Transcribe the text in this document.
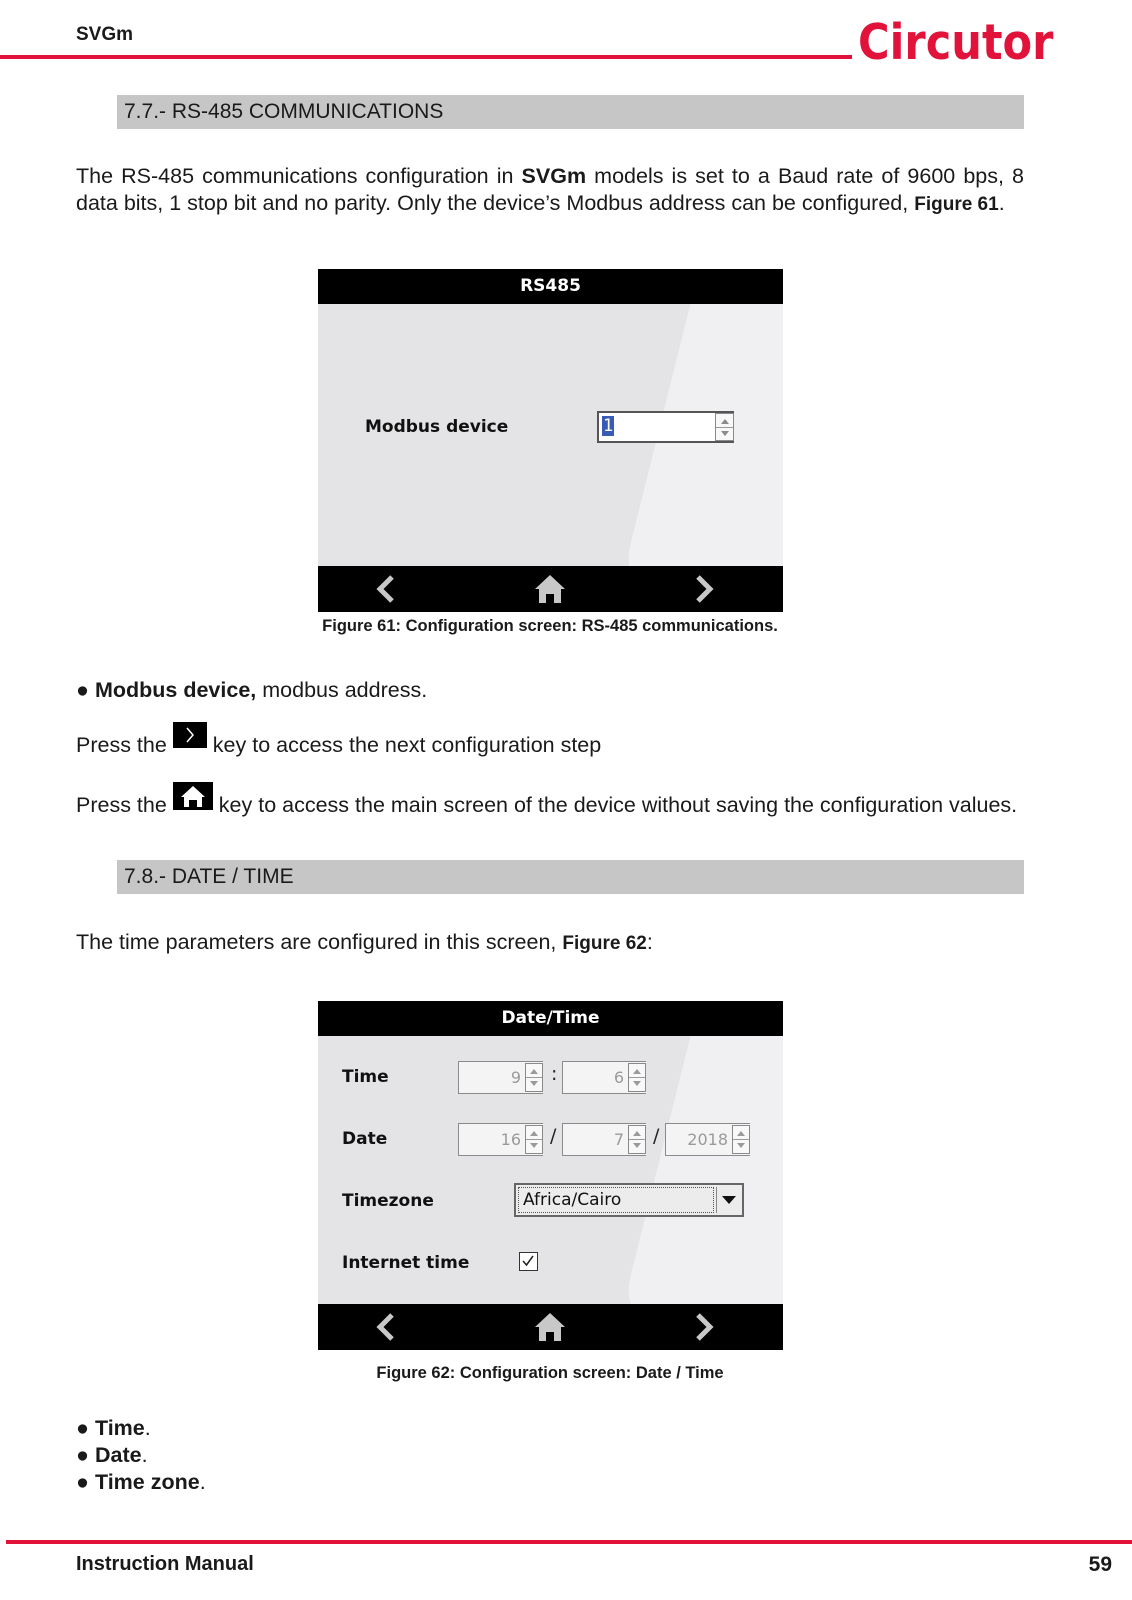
SVGm	Circutor
7.7.- RS-485 COMMUNICATIONS
The RS-485 communications configuration in SVGm models is set to a Baud rate of 9600 bps, 8 data bits, 1 stop bit and no parity. Only the device’s Modbus address can be configured, Figure 61.
RS485
Modbus device	1
Figure 61: Configuration screen: RS-485 communications.
● Modbus device, modbus address.
Press the key to access the next configuration step
Press the key to access the main screen of the device without saving the configuration values.
7.8.- DATE / TIME
The time parameters are configured in this screen, Figure 62:
Date/Time
Time	9	:	6
Date	16	/	7	/	2018
Timezone	Africa/Cairo
Internet time
Figure 62: Configuration screen: Date / Time
● Time.
● Date.
● Time zone.
Instruction Manual	59
